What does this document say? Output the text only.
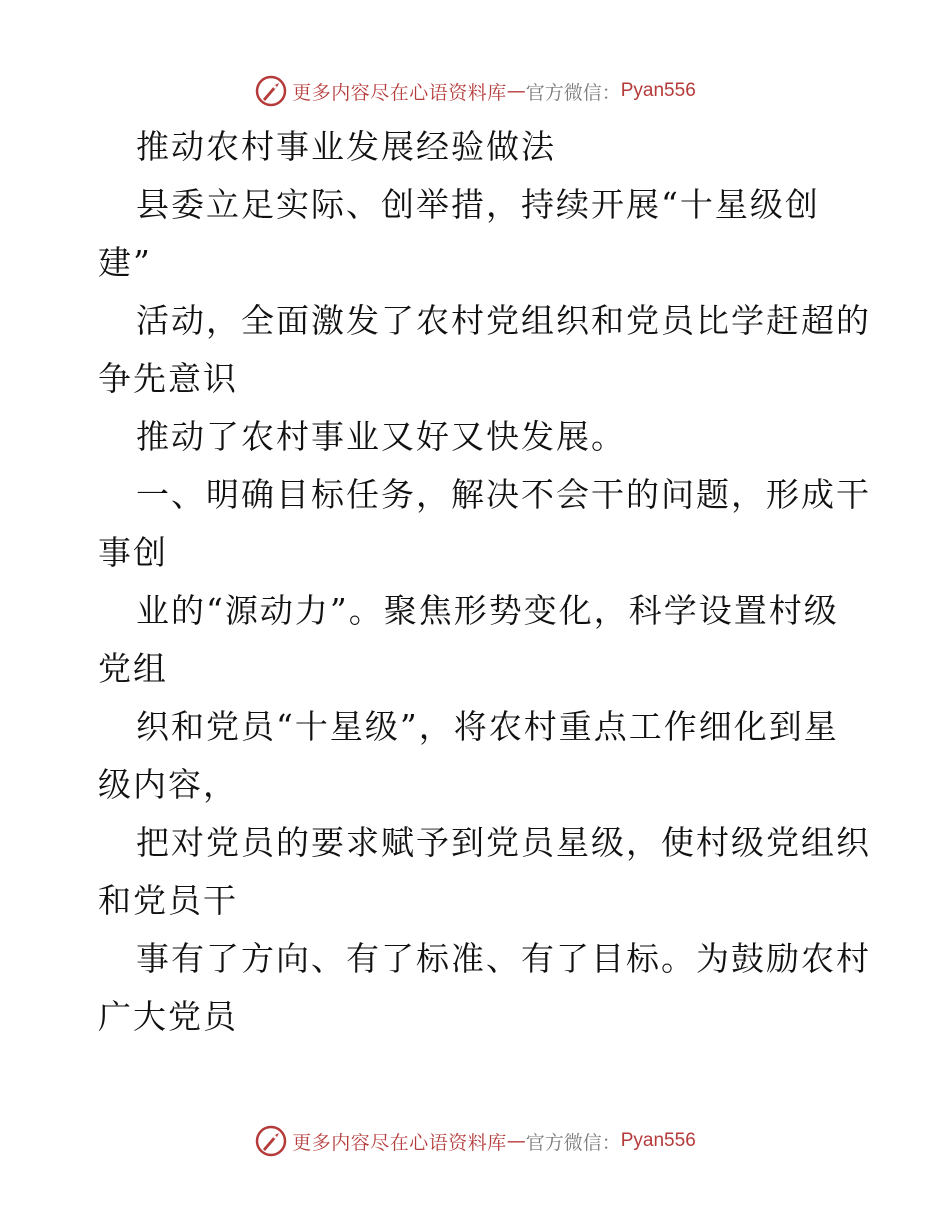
更多内容尽在心语资料库 — 官方微信： Pyan556
推动农村事业发展经验做法
县委立足实际、创举措，持续开展“十星级创
建”
活动，全面激发了农村党组织和党员比学赶超的
争先意识
推动了农村事业又好又快发展。
一、明确目标任务，解决不会干的问题，形成干
事创
业的“源动力”。聚焦形势变化，科学设置村级
党组
织和党员“十星级”，将农村重点工作细化到星
级内容，
把对党员的要求赋予到党员星级，使村级党组织
和党员干
事有了方向、有了标准、有了目标。为鼓励农村
广大党员
更多内容尽在心语资料库 — 官方微信： Pyan556
